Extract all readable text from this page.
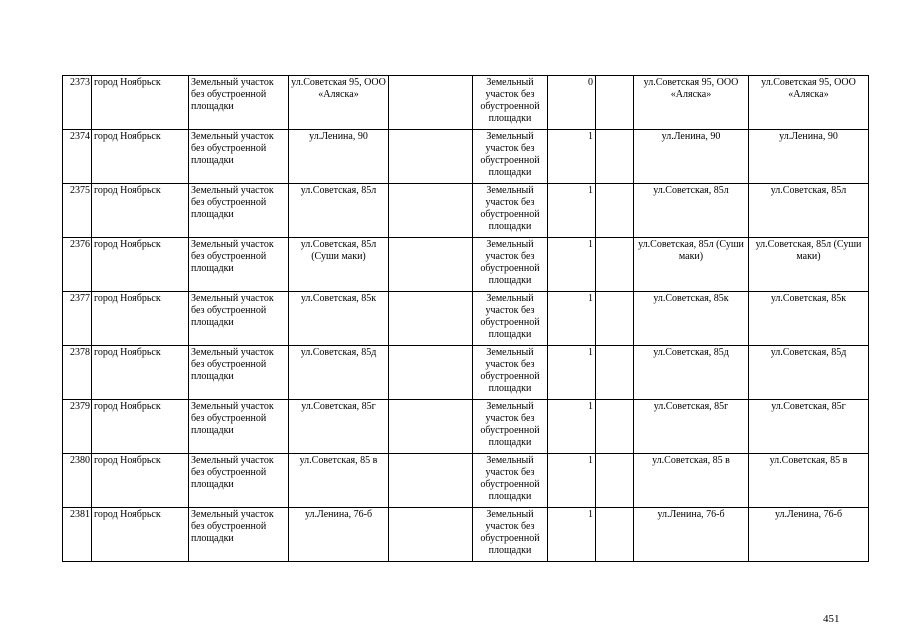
2373	город Ноябрьск	Земельный участок без обустроенной площадки	ул.Советская 95, ООО «Аляска»		Земельный участок без обустроенной площадки	0		ул.Советская 95, ООО «Аляска»	ул.Советская 95, ООО «Аляска»
2374	город Ноябрьск	Земельный участок без обустроенной площадки	ул.Ленина, 90		Земельный участок без обустроенной площадки	1		ул.Ленина, 90	ул.Ленина, 90
2375	город Ноябрьск	Земельный участок без обустроенной площадки	ул.Советская, 85л		Земельный участок без обустроенной площадки	1		ул.Советская, 85л	ул.Советская, 85л
2376	город Ноябрьск	Земельный участок без обустроенной площадки	ул.Советская, 85л (Суши маки)		Земельный участок без обустроенной площадки	1		ул.Советская, 85л (Суши маки)	ул.Советская, 85л (Суши маки)
2377	город Ноябрьск	Земельный участок без обустроенной площадки	ул.Советская, 85к		Земельный участок без обустроенной площадки	1		ул.Советская, 85к	ул.Советская, 85к
2378	город Ноябрьск	Земельный участок без обустроенной площадки	ул.Советская, 85д		Земельный участок без обустроенной площадки	1		ул.Советская, 85д	ул.Советская, 85д
2379	город Ноябрьск	Земельный участок без обустроенной площадки	ул.Советская, 85г		Земельный участок без обустроенной площадки	1		ул.Советская, 85г	ул.Советская, 85г
2380	город Ноябрьск	Земельный участок без обустроенной площадки	ул.Советская, 85 в		Земельный участок без обустроенной площадки	1		ул.Советская, 85 в	ул.Советская, 85 в
2381	город Ноябрьск	Земельный участок без обустроенной площадки	ул.Ленина, 76-б		Земельный участок без обустроенной площадки	1		ул.Ленина, 76-б	ул.Ленина, 76-б
451
